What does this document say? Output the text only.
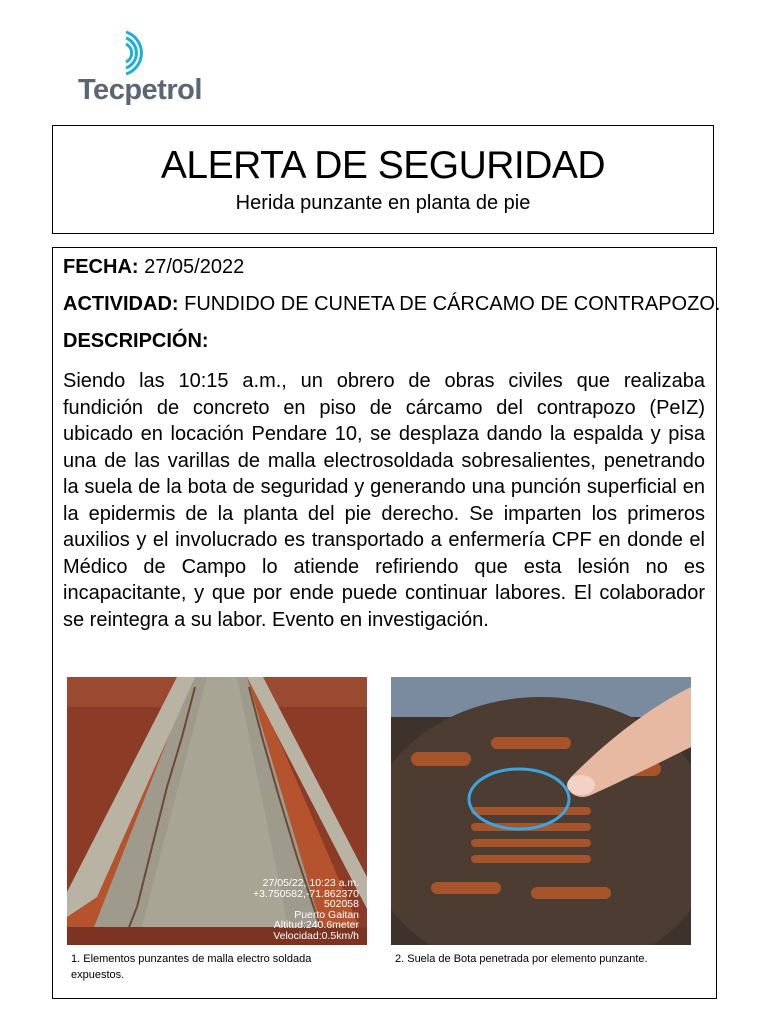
Tecpetrol
ALERTA DE SEGURIDAD
Herida punzante en planta de pie
FECHA: 27/05/2022
ACTIVIDAD: FUNDIDO DE CUNETA DE CÁRCAMO DE CONTRAPOZO.
DESCRIPCIÓN:

Siendo las 10:15 a.m., un obrero de obras civiles que realizaba fundición de concreto en piso de cárcamo del contrapozo (PeIZ) ubicado en locación Pendare 10, se desplaza dando la espalda y pisa una de las varillas de malla electrosoldada sobresalientes, penetrando la suela de la bota de seguridad y generando una punción superficial en la epidermis de la planta del pie derecho. Se imparten los primeros auxilios y el involucrado es transportado a enfermería CPF en donde el Médico de Campo lo atiende refiriendo que esta lesión no es incapacitante, y que por ende puede continuar labores. El colaborador se reintegra a su labor. Evento en investigación.

27/05/22, 10:23 a.m.
+3.750582,-71.862370
502058
Puerto Gaitan
Altitud:240.6meter
Velocidad:0.5km/h
1. Elementos punzantes de malla electro soldada expuestos.
2. Suela de Bota penetrada por elemento punzante.
